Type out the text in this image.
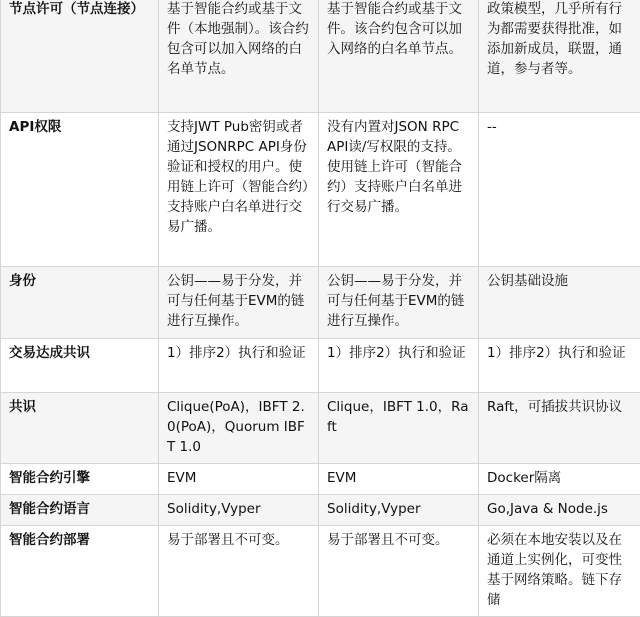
节点许可（节点连接）	基于智能合约或基于文件（本地强制）。该合约包含可以加入网络的白名单节点。	基于智能合约或基于文件。该合约包含可以加入网络的白名单节点。	政策模型，几乎所有行为都需要获得批准，如添加新成员，联盟，通道，参与者等。
API权限	支持JWT Pub密钥或者通过JSONRPC API身份验证和授权的用户。使用链上许可（智能合约）支持账户白名单进行交易广播。	没有内置对JSON RPC API读/写权限的支持。使用链上许可（智能合约）支持账户白名单进行交易广播。	--
身份	公钥——易于分发，并可与任何基于EVM的链进行互操作。	公钥——易于分发，并可与任何基于EVM的链进行互操作。	公钥基础设施
交易达成共识	1）排序2）执行和验证	1）排序2）执行和验证	1）排序2）执行和验证
共识	Clique(PoA)，IBFT 2.0(PoA)，Quorum IBFT 1.0	Clique，IBFT 1.0，Raft	Raft，可插拔共识协议
智能合约引擎	EVM	EVM	Docker隔离
智能合约语言	Solidity,Vyper	Solidity,Vyper	Go,Java & Node.js
智能合约部署	易于部署且不可变。	易于部署且不可变。	必须在本地安装以及在通道上实例化，可变性基于网络策略。链下存储
